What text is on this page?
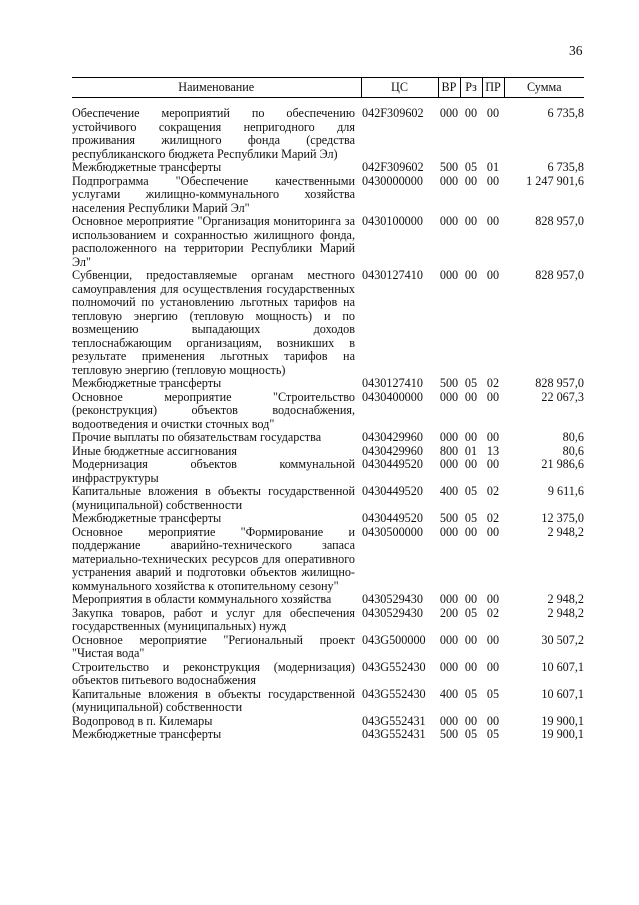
36
Наименование	ЦС	ВР	Рз	ПР	Сумма
Обеспечение мероприятий по обеспечению устойчивого сокращения непригодного для проживания жилищного фонда (средства республиканского бюджета Республики Марий Эл)	042F309602	000	00	00	6 735,8
Межбюджетные трансферты	042F309602	500	05	01	6 735,8
Подпрограмма "Обеспечение качественными услугами жилищно-коммунального хозяйства населения Республики Марий Эл"	0430000000	000	00	00	1 247 901,6
Основное мероприятие "Организация мониторинга за использованием и сохранностью жилищного фонда, расположенного на территории Республики Марий Эл"	0430100000	000	00	00	828 957,0
Субвенции, предоставляемые органам местного самоуправления для осуществления государственных полномочий по установлению льготных тарифов на тепловую энергию (тепловую мощность) и по возмещению выпадающих доходов теплоснабжающим организациям, возникших в результате применения льготных тарифов на тепловую энергию (тепловую мощность)	0430127410	000	00	00	828 957,0
Межбюджетные трансферты	0430127410	500	05	02	828 957,0
Основное мероприятие "Строительство (реконструкция) объектов водоснабжения, водоотведения и очистки сточных вод"	0430400000	000	00	00	22 067,3
Прочие выплаты по обязательствам государства	0430429960	000	00	00	80,6
Иные бюджетные ассигнования	0430429960	800	01	13	80,6
Модернизация объектов коммунальной инфраструктуры	0430449520	000	00	00	21 986,6
Капитальные вложения в объекты государственной (муниципальной) собственности	0430449520	400	05	02	9 611,6
Межбюджетные трансферты	0430449520	500	05	02	12 375,0
Основное мероприятие "Формирование и поддержание аварийно-технического запаса материально-технических ресурсов для оперативного устранения аварий и подготовки объектов жилищно-коммунального хозяйства к отопительному сезону"	0430500000	000	00	00	2 948,2
Мероприятия в области коммунального хозяйства	0430529430	000	00	00	2 948,2
Закупка товаров, работ и услуг для обеспечения государственных (муниципальных) нужд	0430529430	200	05	02	2 948,2
Основное мероприятие "Региональный проект "Чистая вода"	043G500000	000	00	00	30 507,2
Строительство и реконструкция (модернизация) объектов питьевого водоснабжения	043G552430	000	00	00	10 607,1
Капитальные вложения в объекты государственной (муниципальной) собственности	043G552430	400	05	05	10 607,1
Водопровод в п. Килемары	043G552431	000	00	00	19 900,1
Межбюджетные трансферты	043G552431	500	05	05	19 900,1
